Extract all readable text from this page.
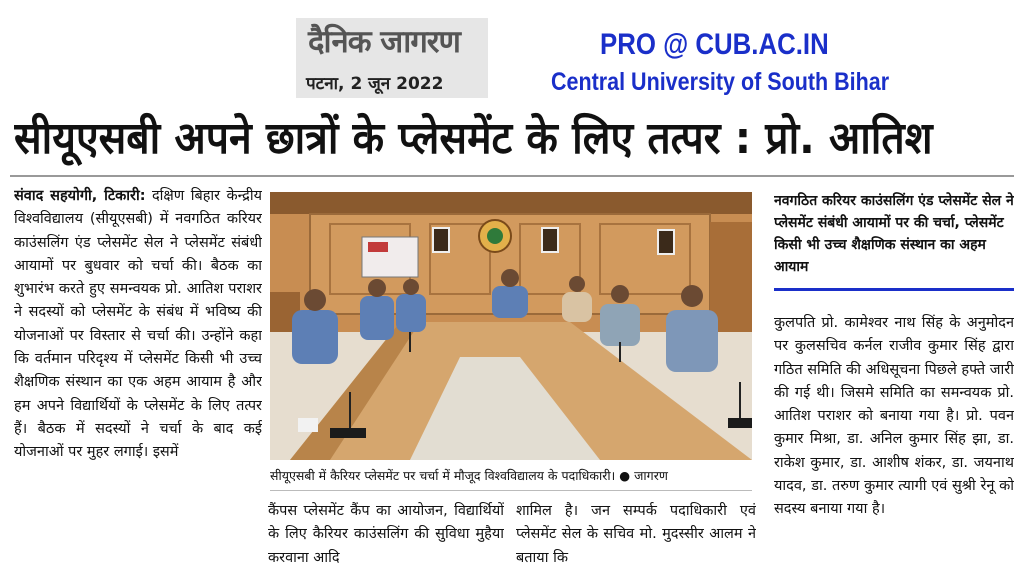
दैनिक जागरण
पटना, 2 जून 2022
PRO @ CUB.AC.IN
Central University of South Bihar
सीयूएसबी अपने छात्रों के प्लेसमेंट के लिए तत्पर : प्रो. आतिश
संवाद सहयोगी, टिकारी: दक्षिण बिहार केन्द्रीय विश्वविद्यालय (सीयूएसबी) में नवगठित करियर काउंसलिंग एंड प्लेसमेंट सेल ने प्लेसमेंट संबंधी आयामों पर बुधवार को चर्चा की। बैठक का शुभारंभ करते हुए समन्वयक प्रो. आतिश पराशर ने सदस्यों को प्लेसमेंट के संबंध में भविष्य की योजनाओं पर विस्तार से चर्चा की। उन्होंने कहा कि वर्तमान परिदृश्य में प्लेसमेंट किसी भी उच्च शैक्षणिक संस्थान का एक अहम आयाम है और हम अपने विद्यार्थियों के प्लेसमेंट के लिए तत्पर हैं। बैठक में सदस्यों ने चर्चा के बाद कई योजनाओं पर मुहर लगाई। इसमें
सीयूएसबी में कैरियर प्लेसमेंट पर चर्चा में मौजूद विश्वविद्यालय के पदाधिकारी। ● जागरण
कैंपस प्लेसमेंट कैंप का आयोजन, विद्यार्थियों के लिए कैरियर काउंसलिंग की सुविधा मुहैया करवाना आदि
शामिल है। जन सम्पर्क पदाधिकारी एवं प्लेसमेंट सेल के सचिव मो. मुदस्सीर आलम ने बताया कि
नवगठित करियर काउंसलिंग एंड प्लेसमेंट सेल ने प्लेसमेंट संबंधी आयामों पर की चर्चा, प्लेसमेंट किसी भी उच्च शैक्षणिक संस्थान का अहम आयाम
कुलपति प्रो. कामेश्वर नाथ सिंह के अनुमोदन पर कुलसचिव कर्नल राजीव कुमार सिंह द्वारा गठित समिति की अधिसूचना पिछले हफ्ते जारी की गई थी। जिसमे समिति का समन्वयक प्रो. आतिश पराशर को बनाया गया है। प्रो. पवन कुमार मिश्रा, डा. अनिल कुमार सिंह झा, डा. राकेश कुमार, डा. आशीष शंकर, डा. जयनाथ यादव, डा. तरुण कुमार त्यागी एवं सुश्री रेनू को सदस्य बनाया गया है।
